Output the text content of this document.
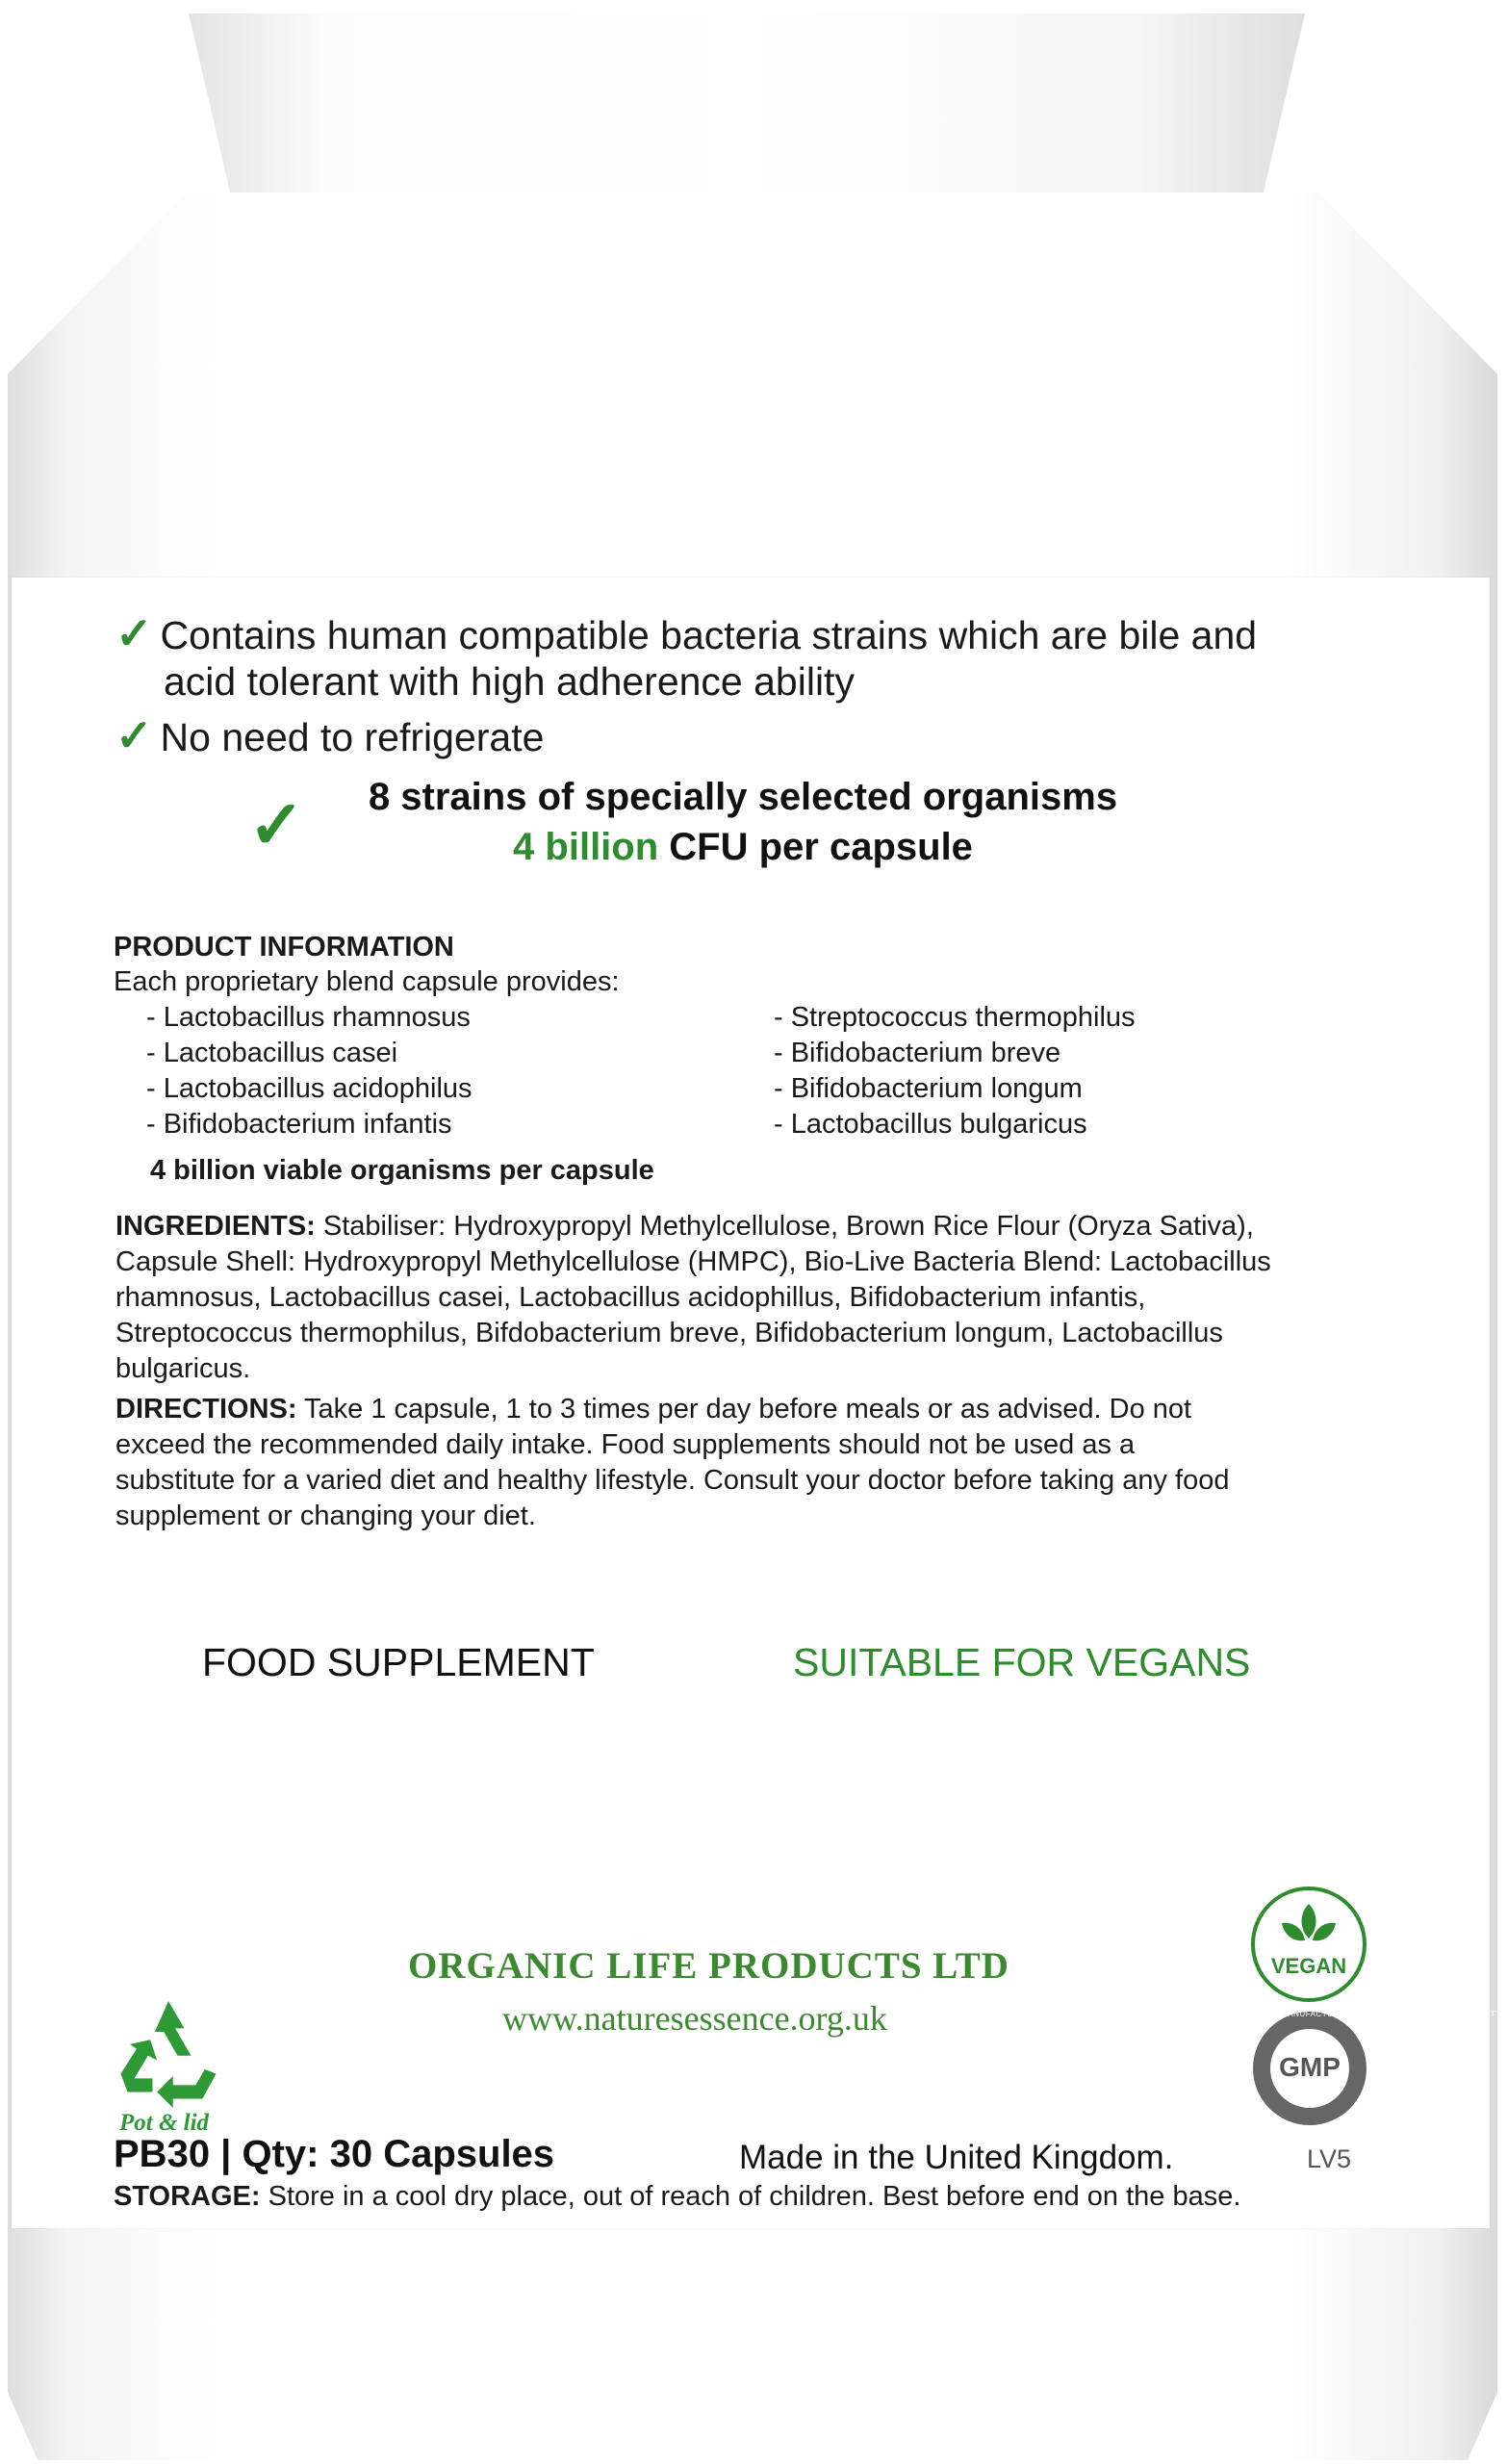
✓ Contains human compatible bacteria strains which are bile and
acid tolerant with high adherence ability
✓ No need to refrigerate
✓	8 strains of specially selected organisms
4 billion CFU per capsule
PRODUCT INFORMATION
Each proprietary blend capsule provides:
- Lactobacillus rhamnosus
- Lactobacillus casei
- Lactobacillus acidophilus
- Bifidobacterium infantis
- Streptococcus thermophilus
- Bifidobacterium breve
- Bifidobacterium longum
- Lactobacillus bulgaricus
4 billion viable organisms per capsule
INGREDIENTS: Stabiliser: Hydroxypropyl Methylcellulose, Brown Rice Flour (Oryza Sativa),
Capsule Shell: Hydroxypropyl Methylcellulose (HMPC), Bio-Live Bacteria Blend: Lactobacillus
rhamnosus, Lactobacillus casei, Lactobacillus acidophillus, Bifidobacterium infantis,
Streptococcus thermophilus, Bifdobacterium breve, Bifidobacterium longum, Lactobacillus
bulgaricus.
DIRECTIONS: Take 1 capsule, 1 to 3 times per day before meals or as advised. Do not
exceed the recommended daily intake. Food supplements should not be used as a
substitute for a varied diet and healthy lifestyle. Consult your doctor before taking any food
supplement or changing your diet.
FOOD SUPPLEMENT	SUITABLE FOR VEGANS
ORGANIC LIFE PRODUCTS LTD
www.naturesessence.org.uk
Pot & lid
VEGAN
GMP
GOOD MANUFACTURING PRACTICE · CONSISTENT QUALITY ·
PB30 | Qty: 30 Capsules	Made in the United Kingdom.	LV5
STORAGE: Store in a cool dry place, out of reach of children. Best before end on the base.
